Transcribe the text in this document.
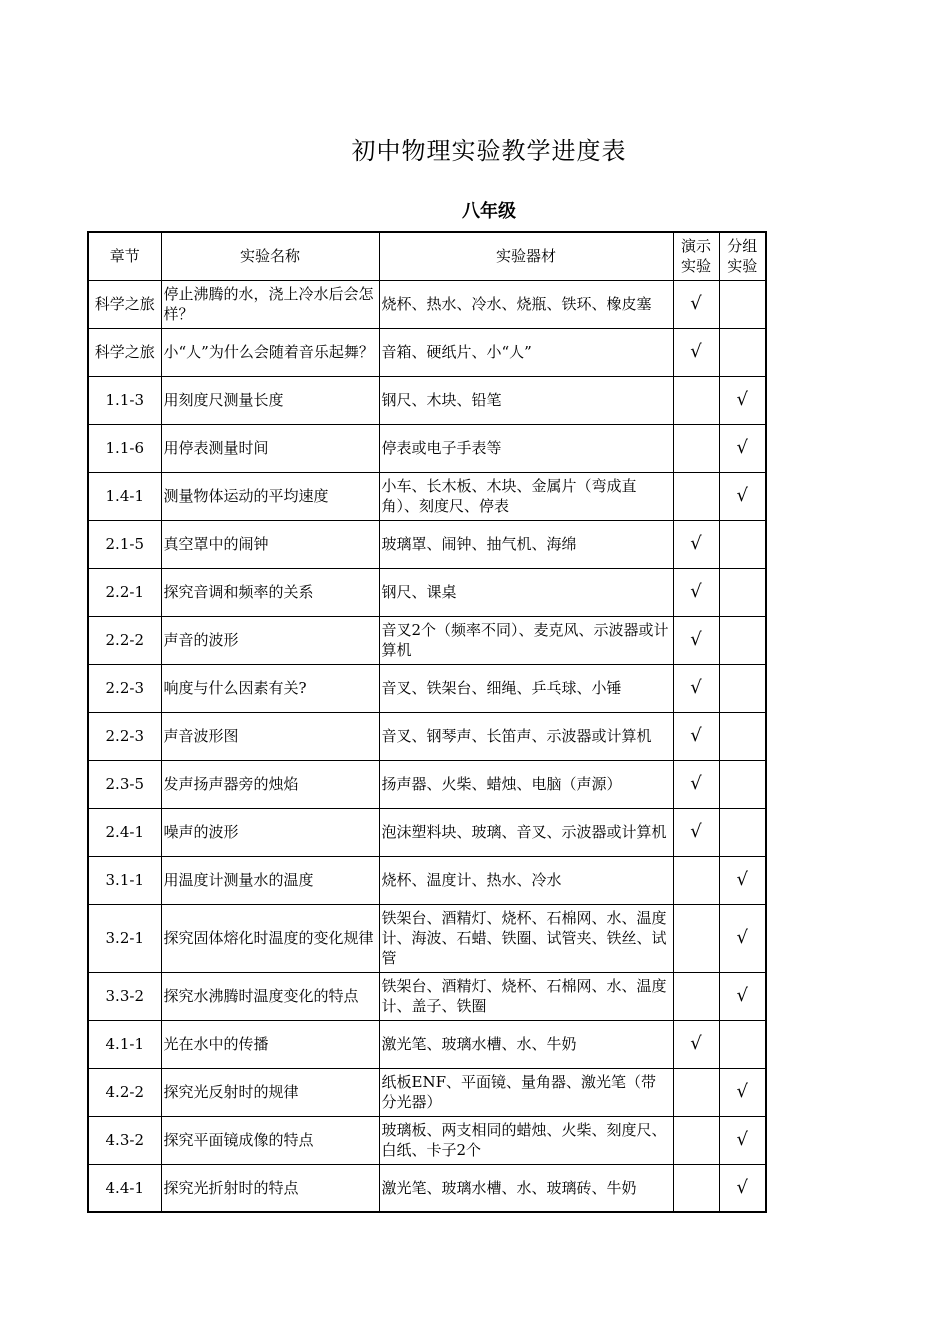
初中物理实验教学进度表
八年级
章节	实验名称	实验器材	演示实验	分组实验
科学之旅	停止沸腾的水，浇上冷水后会怎样？	烧杯、热水、冷水、烧瓶、铁环、橡皮塞	√	
科学之旅	小“人”为什么会随着音乐起舞？	音箱、硬纸片、小“人”	√	
1.1-3	用刻度尺测量长度	钢尺、木块、铅笔		√
1.1-6	用停表测量时间	停表或电子手表等		√
1.4-1	测量物体运动的平均速度	小车、长木板、木块、金属片（弯成直角）、刻度尺、停表		√
2.1-5	真空罩中的闹钟	玻璃罩、闹钟、抽气机、海绵	√	
2.2-1	探究音调和频率的关系	钢尺、课桌	√	
2.2-2	声音的波形	音叉2个（频率不同）、麦克风、示波器或计算机	√	
2.2-3	响度与什么因素有关?	音叉、铁架台、细绳、乒乓球、小锤	√	
2.2-3	声音波形图	音叉、钢琴声、长笛声、示波器或计算机	√	
2.3-5	发声扬声器旁的烛焰	扬声器、火柴、蜡烛、电脑（声源）	√	
2.4-1	噪声的波形	泡沫塑料块、玻璃、音叉、示波器或计算机	√	
3.1-1	用温度计测量水的温度	烧杯、温度计、热水、冷水		√
3.2-1	探究固体熔化时温度的变化规律	铁架台、酒精灯、烧杯、石棉网、水、温度计、海波、石蜡、铁圈、试管夹、铁丝、试管		√
3.3-2	探究水沸腾时温度变化的特点	铁架台、酒精灯、烧杯、石棉网、水、温度计、盖子、铁圈		√
4.1-1	光在水中的传播	激光笔、玻璃水槽、水、牛奶	√	
4.2-2	探究光反射时的规律	纸板ENF、平面镜、量角器、激光笔（带分光器）		√
4.3-2	探究平面镜成像的特点	玻璃板、两支相同的蜡烛、火柴、刻度尺、白纸、卡子2个		√
4.4-1	探究光折射时的特点	激光笔、玻璃水槽、水、玻璃砖、牛奶		√
